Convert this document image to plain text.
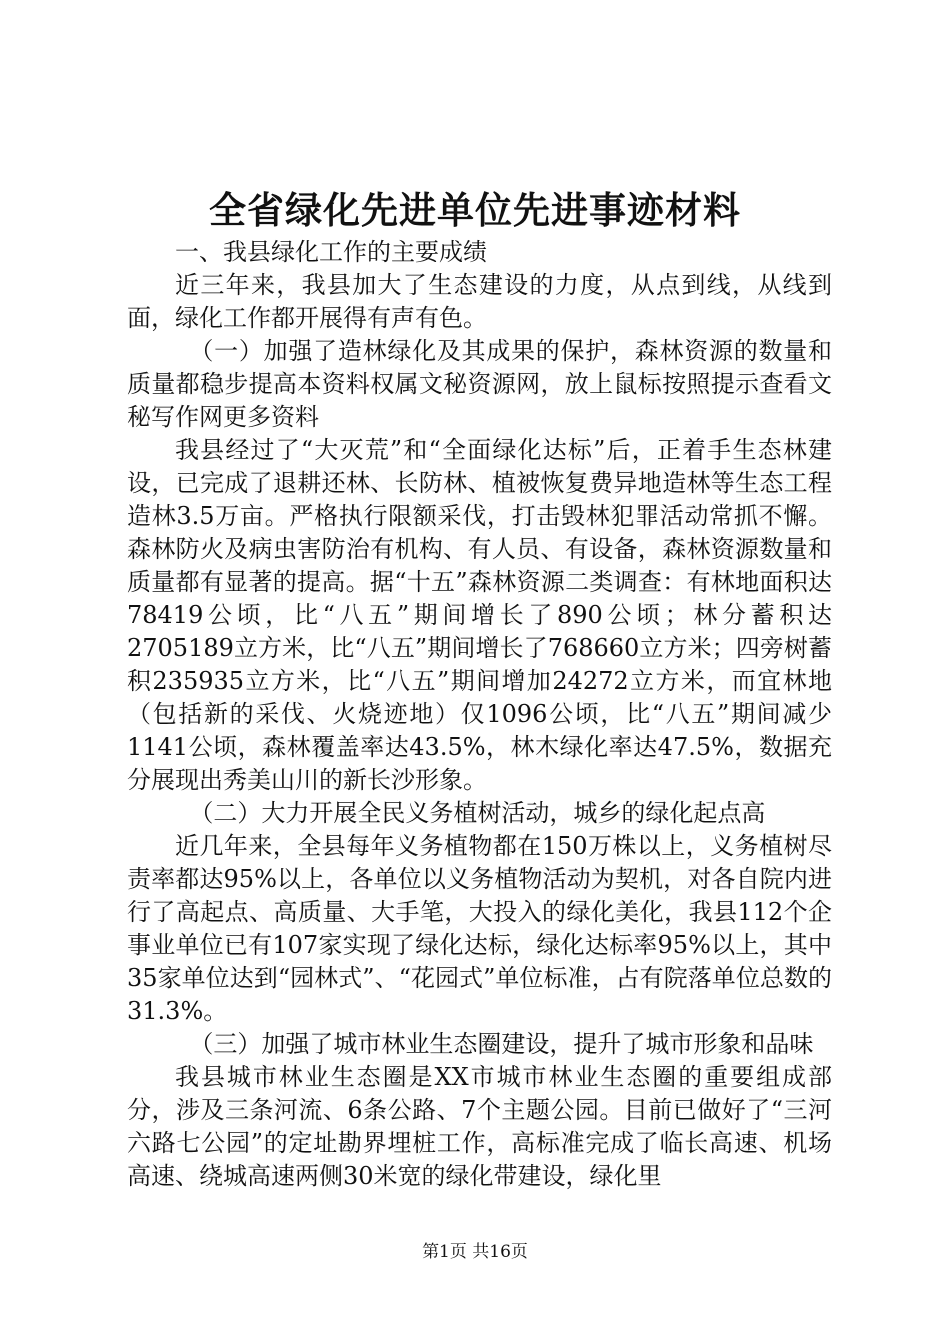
全省绿化先进单位先进事迹材料

一、我县绿化工作的主要成绩

近三年来，我县加大了生态建设的力度，从点到线，从线到面，绿化工作都开展得有声有色。

（一）加强了造林绿化及其成果的保护，森林资源的数量和质量都稳步提高本资料权属文秘资源网，放上鼠标按照提示查看文秘写作网更多资料

我县经过了“大灭荒”和“全面绿化达标”后，正着手生态林建设，已完成了退耕还林、长防林、植被恢复费异地造林等生态工程造林3.5万亩。严格执行限额采伐，打击毁林犯罪活动常抓不懈。森林防火及病虫害防治有机构、有人员、有设备，森林资源数量和质量都有显著的提高。据“十五”森林资源二类调查：有林地面积达78419公顷，比“八五”期间增长了890公顷；林分蓄积达2705189立方米，比“八五”期间增长了768660立方米；四旁树蓄积235935立方米，比“八五”期间增加24272立方米，而宜林地（包括新的采伐、火烧迹地）仅1096公顷，比“八五”期间减少1141公顷，森林覆盖率达43.5%，林木绿化率达47.5%，数据充分展现出秀美山川的新长沙形象。

（二）大力开展全民义务植树活动，城乡的绿化起点高

近几年来，全县每年义务植物都在150万株以上，义务植树尽责率都达95%以上，各单位以义务植物活动为契机，对各自院内进行了高起点、高质量、大手笔，大投入的绿化美化，我县112个企事业单位已有107家实现了绿化达标，绿化达标率95%以上，其中35家单位达到“园林式”、“花园式”单位标准，占有院落单位总数的31.3%。

（三）加强了城市林业生态圈建设，提升了城市形象和品味

我县城市林业生态圈是XX市城市林业生态圈的重要组成部分，涉及三条河流、6条公路、7个主题公园。目前已做好了“三河六路七公园”的定址勘界埋桩工作，高标准完成了临长高速、机场高速、绕城高速两侧30米宽的绿化带建设，绿化里

第1页 共16页
